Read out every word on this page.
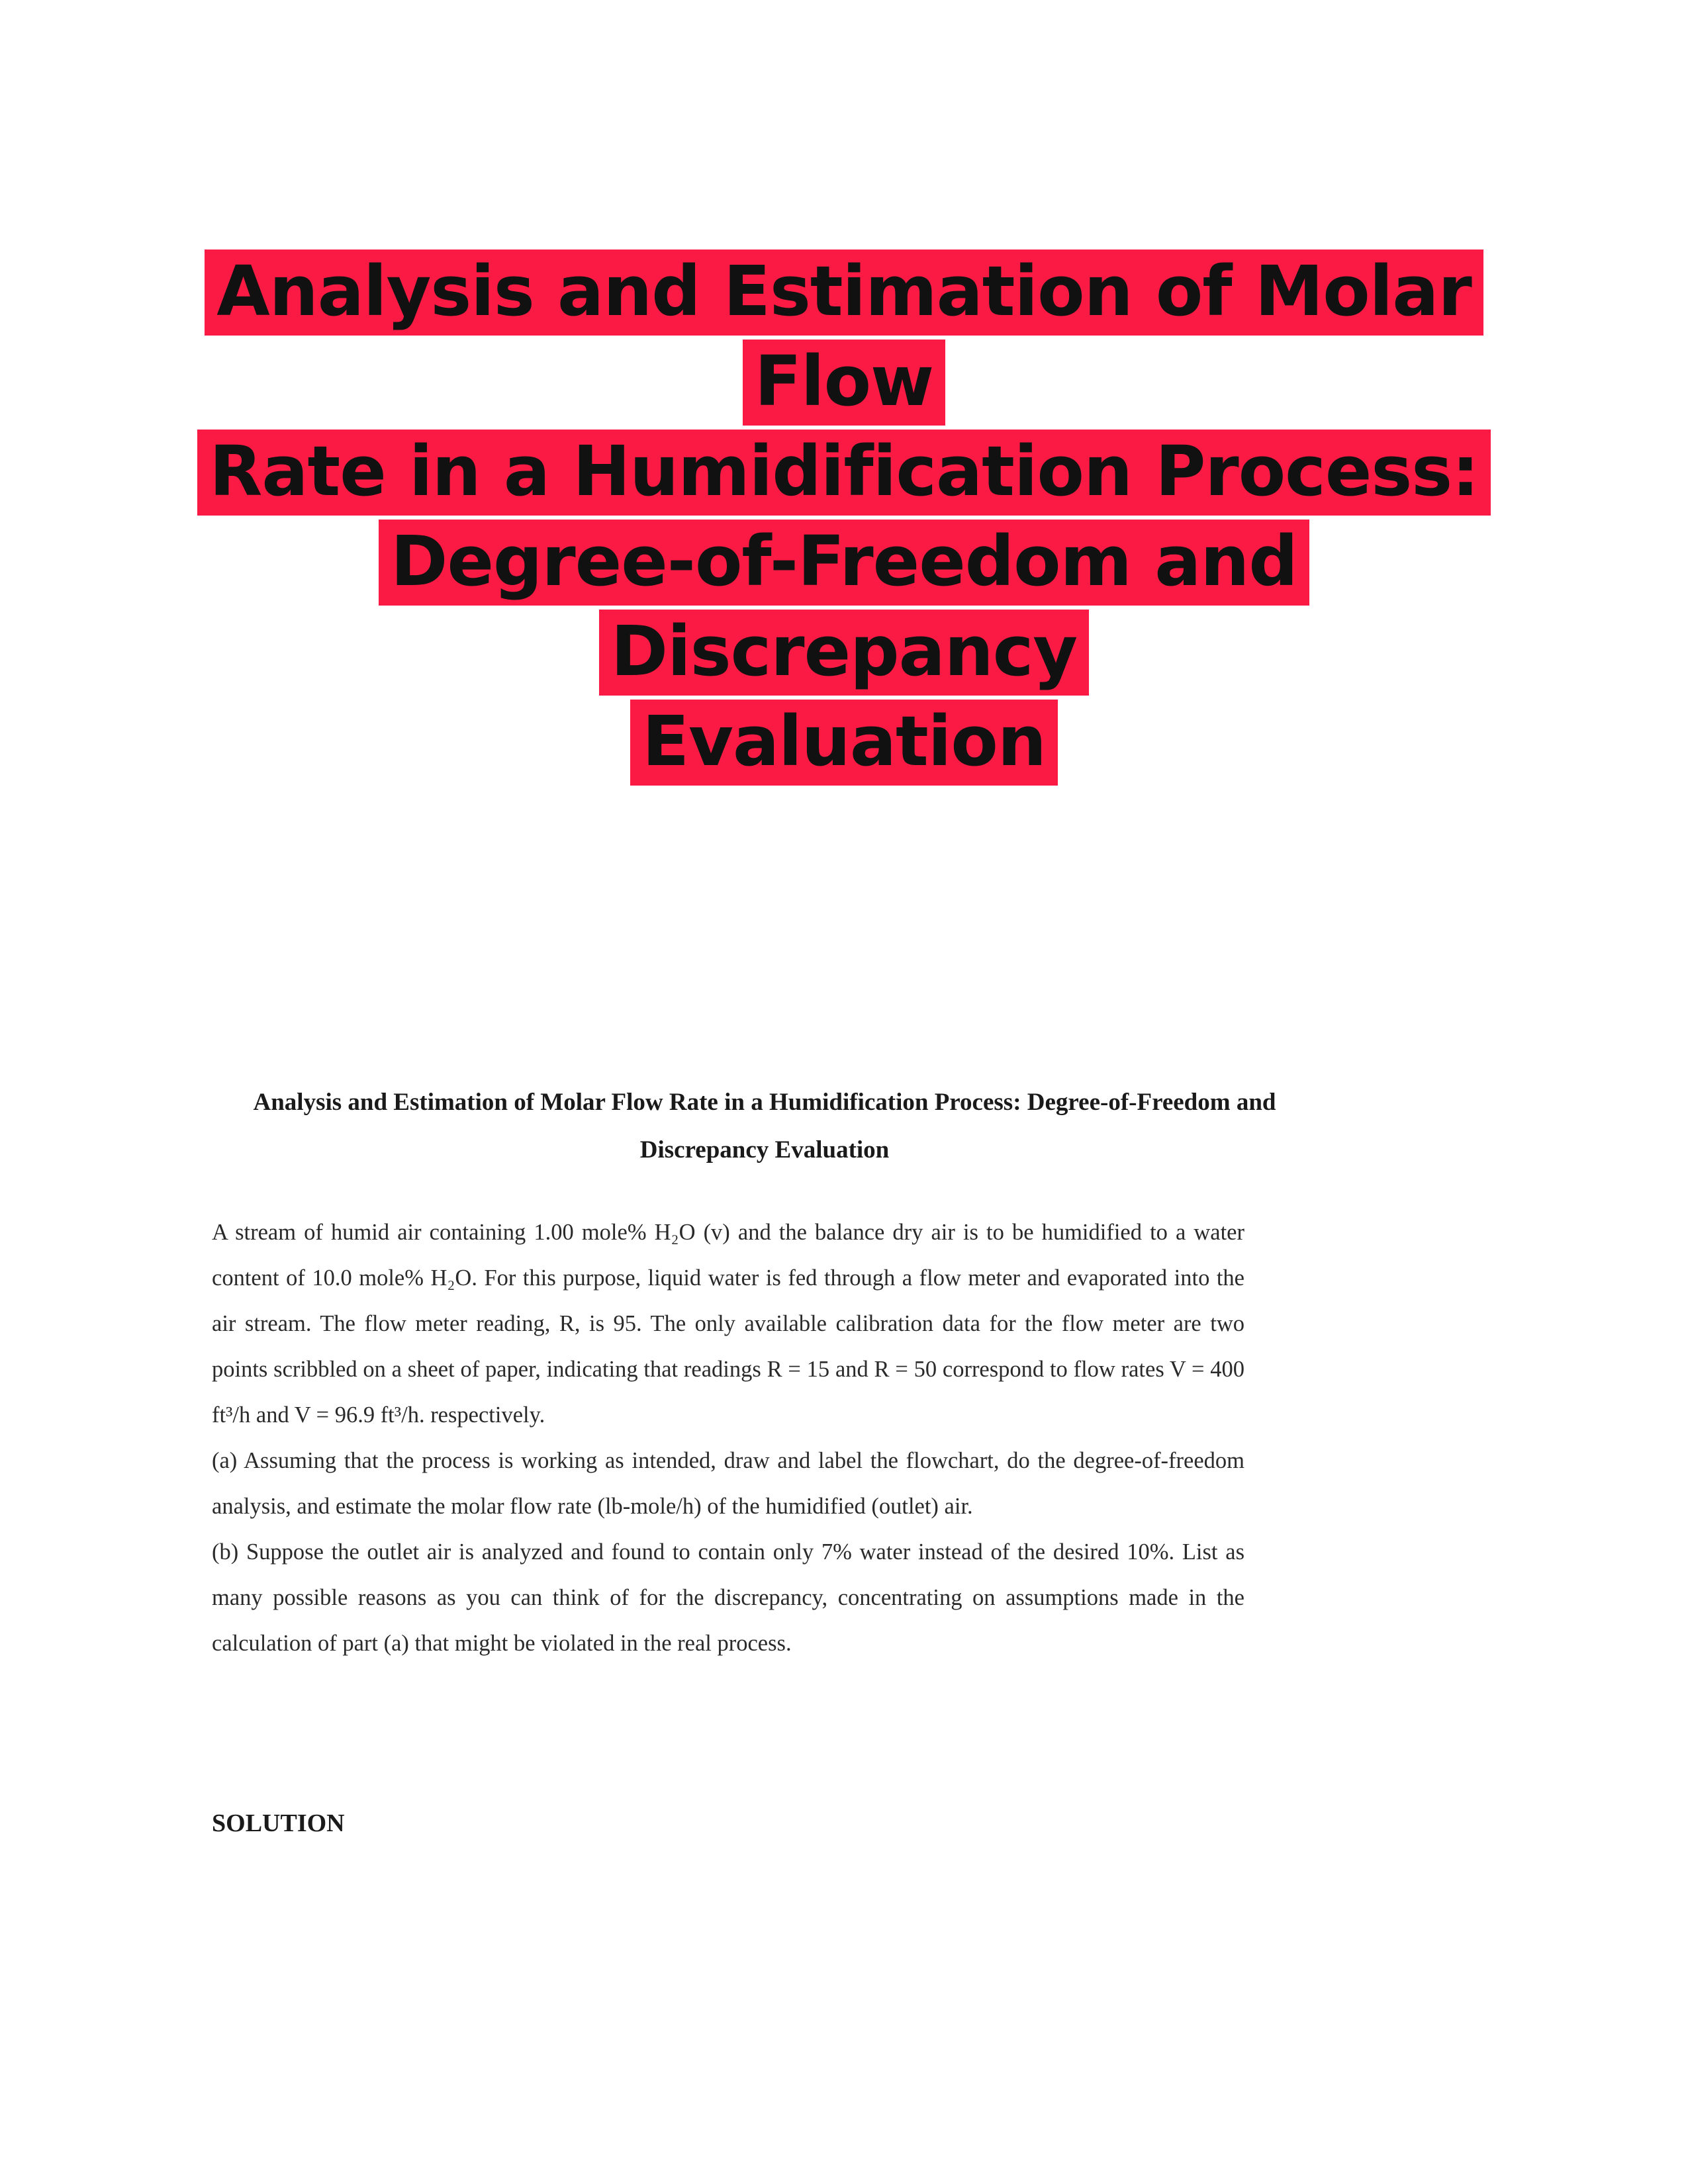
Analysis and Estimation of Molar Flow
Rate in a Humidification Process:
Degree-of-Freedom and Discrepancy
Evaluation
Analysis and Estimation of Molar Flow Rate in a Humidification Process: Degree-of-Freedom and Discrepancy Evaluation

A stream of humid air containing 1.00 mole% H₂O (v) and the balance dry air is to be humidified to a water content of 10.0 mole% H₂O. For this purpose, liquid water is fed through a flow meter and evaporated into the air stream. The flow meter reading, R, is 95. The only available calibration data for the flow meter are two points scribbled on a sheet of paper, indicating that readings R = 15 and R = 50 correspond to flow rates V = 400 ft³/h and V = 96.9 ft³/h. respectively.

(a) Assuming that the process is working as intended, draw and label the flowchart, do the degree-of-freedom analysis, and estimate the molar flow rate (lb-mole/h) of the humidified (outlet) air.

(b) Suppose the outlet air is analyzed and found to contain only 7% water instead of the desired 10%. List as many possible reasons as you can think of for the discrepancy, concentrating on assumptions made in the calculation of part (a) that might be violated in the real process.

SOLUTION
